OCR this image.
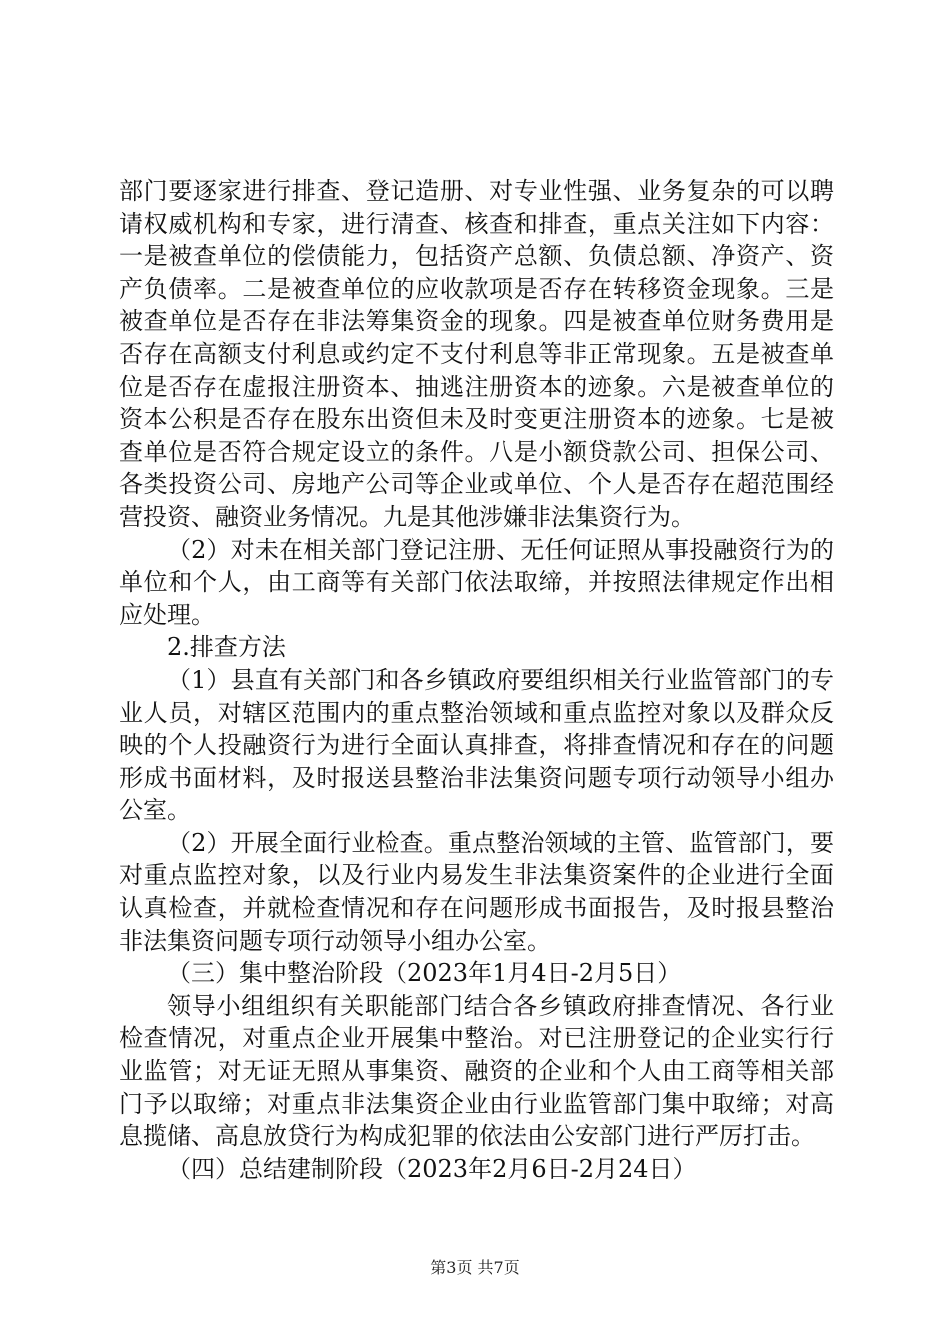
部门要逐家进行排查、登记造册、对专业性强、业务复杂的可以聘请权威机构和专家，进行清查、核查和排查，重点关注如下内容：一是被查单位的偿债能力，包括资产总额、负债总额、净资产、资产负债率。二是被查单位的应收款项是否存在转移资金现象。三是被查单位是否存在非法筹集资金的现象。四是被查单位财务费用是否存在高额支付利息或约定不支付利息等非正常现象。五是被查单位是否存在虚报注册资本、抽逃注册资本的迹象。六是被查单位的资本公积是否存在股东出资但未及时变更注册资本的迹象。七是被查单位是否符合规定设立的条件。八是小额贷款公司、担保公司、各类投资公司、房地产公司等企业或单位、个人是否存在超范围经营投资、融资业务情况。九是其他涉嫌非法集资行为。

（2）对未在相关部门登记注册、无任何证照从事投融资行为的单位和个人，由工商等有关部门依法取缔，并按照法律规定作出相应处理。

2.排查方法

（1）县直有关部门和各乡镇政府要组织相关行业监管部门的专业人员，对辖区范围内的重点整治领域和重点监控对象以及群众反映的个人投融资行为进行全面认真排查，将排查情况和存在的问题形成书面材料，及时报送县整治非法集资问题专项行动领导小组办公室。

（2）开展全面行业检查。重点整治领域的主管、监管部门，要对重点监控对象，以及行业内易发生非法集资案件的企业进行全面认真检查，并就检查情况和存在问题形成书面报告，及时报县整治非法集资问题专项行动领导小组办公室。

（三）集中整治阶段（2023年1月4日-2月5日）

领导小组组织有关职能部门结合各乡镇政府排查情况、各行业检查情况，对重点企业开展集中整治。对已注册登记的企业实行行业监管；对无证无照从事集资、融资的企业和个人由工商等相关部门予以取缔；对重点非法集资企业由行业监管部门集中取缔；对高息揽储、高息放贷行为构成犯罪的依法由公安部门进行严厉打击。

（四）总结建制阶段（2023年2月6日-2月24日）

第3页 共7页
